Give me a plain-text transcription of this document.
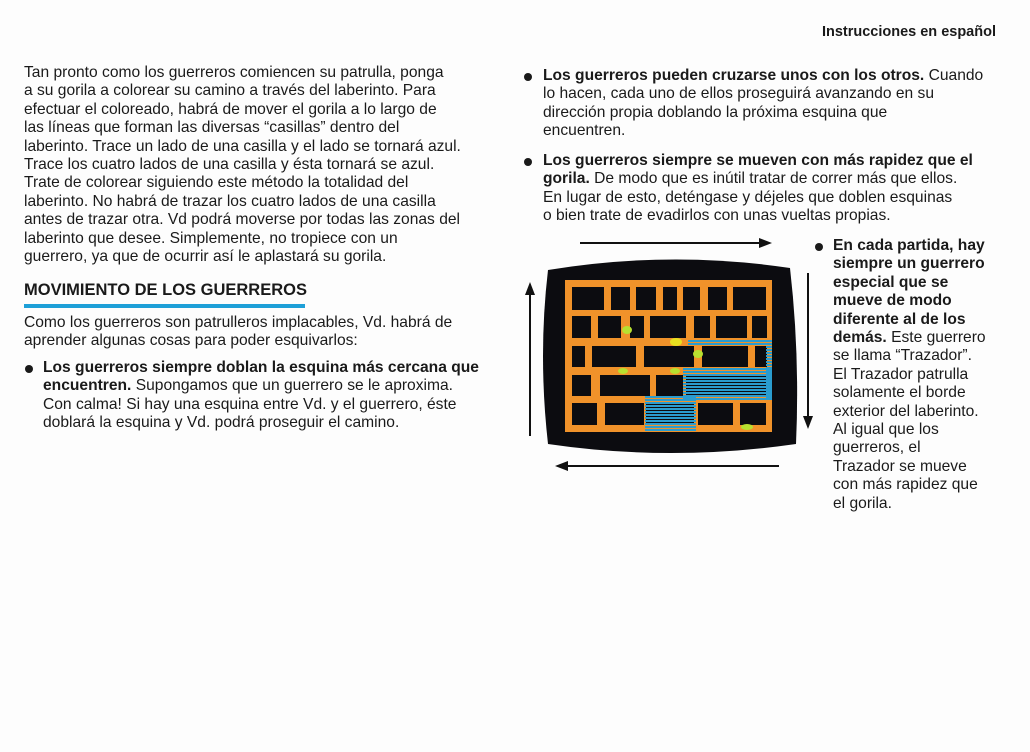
Instrucciones en español
Tan pronto como los guerreros comiencen su patrulla, ponga
a su gorila a colorear su camino a través del laberinto. Para
efectuar el coloreado, habrá de mover el gorila a lo largo de
las líneas que forman las diversas “casillas” dentro del
laberinto. Trace un lado de una casilla y el lado se tornará azul.
Trace los cuatro lados de una casilla y ésta tornará se azul.
Trate de colorear siguiendo este método la totalidad del
laberinto. No habrá de trazar los cuatro lados de una casilla
antes de trazar otra. Vd podrá moverse por todas las zonas del
laberinto que desee. Simplemente, no tropiece con un
guerrero, ya que de ocurrir así le aplastará su gorila.
MOVIMIENTO DE LOS GUERREROS
Como los guerreros son patrulleros implacables, Vd. habrá de
aprender algunas cosas para poder esquivarlos:
Los guerreros siempre doblan la esquina más cercana que
encuentren. Supongamos que un guerrero se le aproxima.
Con calma! Si hay una esquina entre Vd. y el guerrero, éste
doblará la esquina y Vd. podrá proseguir el camino.
Los guerreros pueden cruzarse unos con los otros. Cuando
lo hacen, cada uno de ellos proseguirá avanzando en su
dirección propia doblando la próxima esquina que
encuentren.
Los guerreros siempre se mueven con más rapidez que el
gorila. De modo que es inútil tratar de correr más que ellos.
En lugar de esto, deténgase y déjeles que doblen esquinas
o bien trate de evadirlos con unas vueltas propias.
En cada partida, hay
siempre un guerrero
especial que se
mueve de modo
diferente al de los
demás. Este guerrero
se llama “Trazador”.
El Trazador patrulla
solamente el borde
exterior del laberinto.
Al igual que los
guerreros, el
Trazador se mueve
con más rapidez que
el gorila.
